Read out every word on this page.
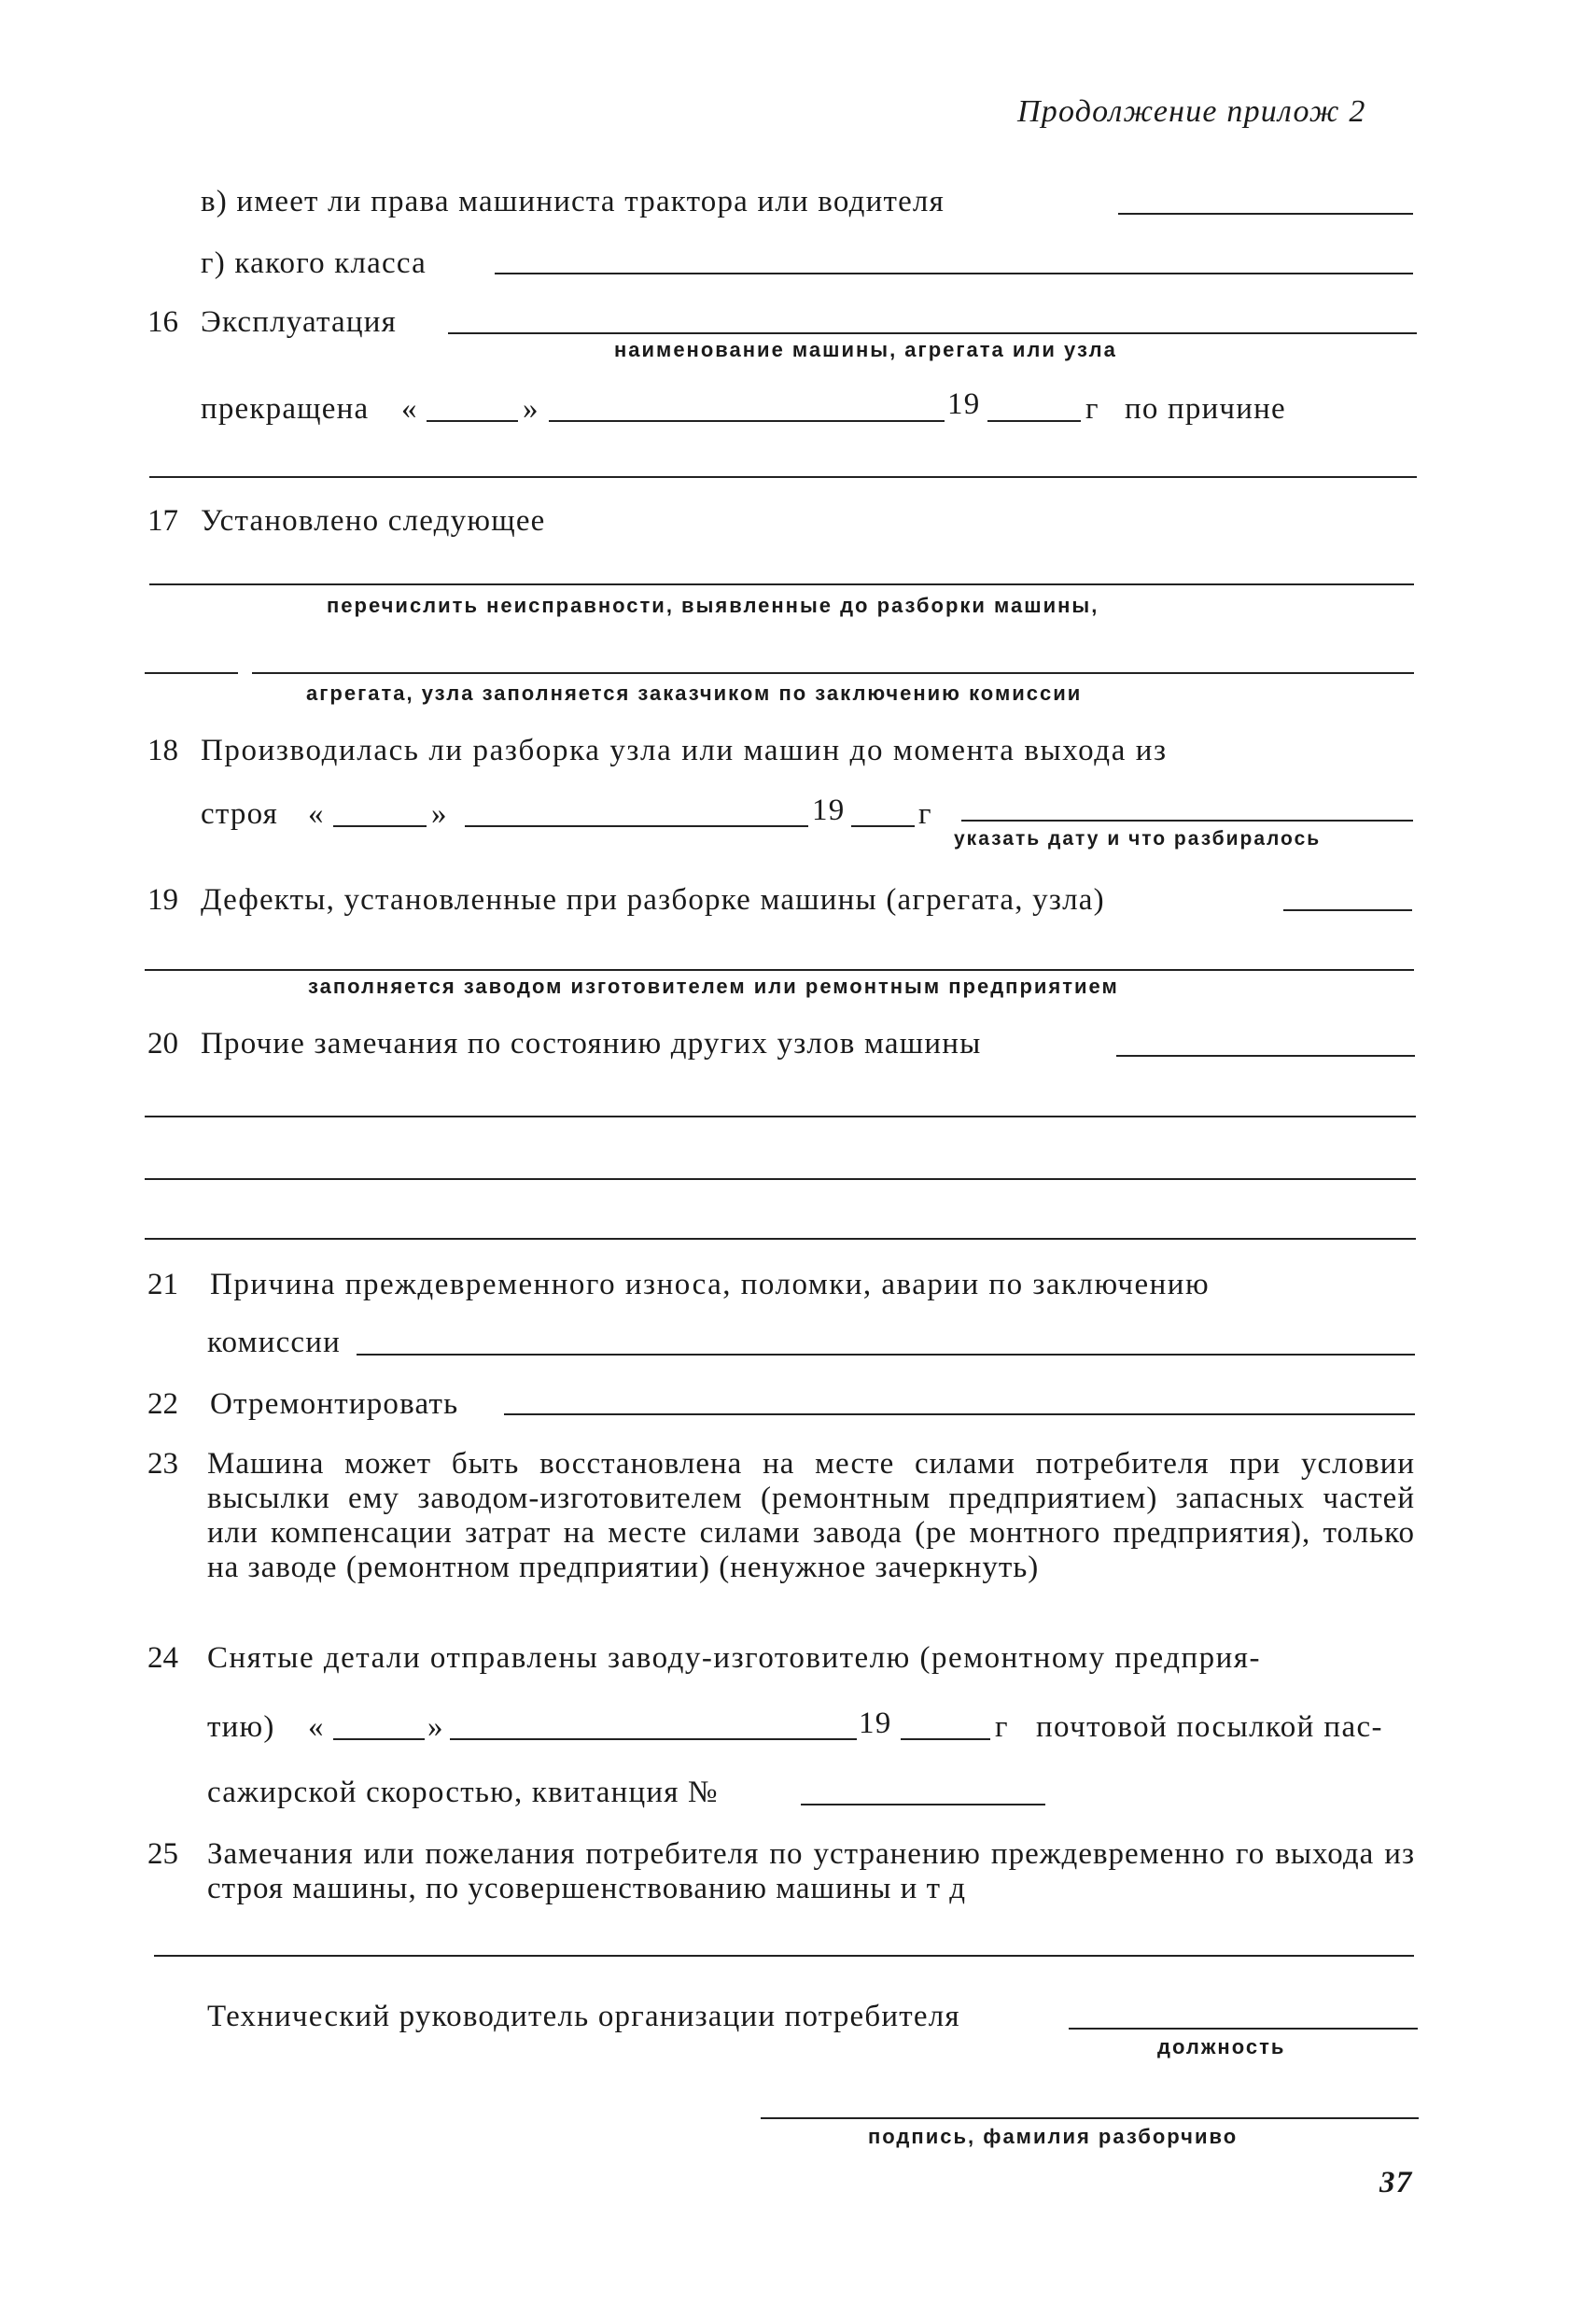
Продолжение прилож 2
в) имеет ли права машиниста трактора или водителя
г) какого класса
16 Эксплуатация
наименование машины, агрегата или узла
прекращена «	»	19	г по причине
17 Установлено следующее
перечислить неисправности, выявленные до разборки машины,
агрегата, узла заполняется заказчиком по заключению комиссии
18 Производилась ли разборка узла или машин до момента выхода из
строя «	»	19 г
указать дату и что разбиралось
19 Дефекты, установленные при разборке машины (агрегата, узла)
заполняется заводом изготовителем или ремонтным предприятием
20 Прочие замечания по состоянию других узлов машины
21 Причина преждевременного износа, поломки, аварии по заключению
комиссии
22 Отремонтировать
23 Машина может быть восстановлена на месте силами потребителя при условии высылки ему заводом-изготовителем (ремонтным предприятием) запасных частей или компенсации затрат на месте силами завода (ре монтного предприятия), только на заводе (ремонтном предприятии) (ненужное зачеркнуть)
24 Снятые детали отправлены заводу-изготовителю (ремонтному предприя-
тию) «	»	19	г почтовой посылкой пас-
сажирской скоростью, квитанция №
25 Замечания или пожелания потребителя по устранению преждевременно го выхода из строя машины, по усовершенствованию машины и т д
Технический руководитель организации потребителя
должность
подпись, фамилия разборчиво
37
